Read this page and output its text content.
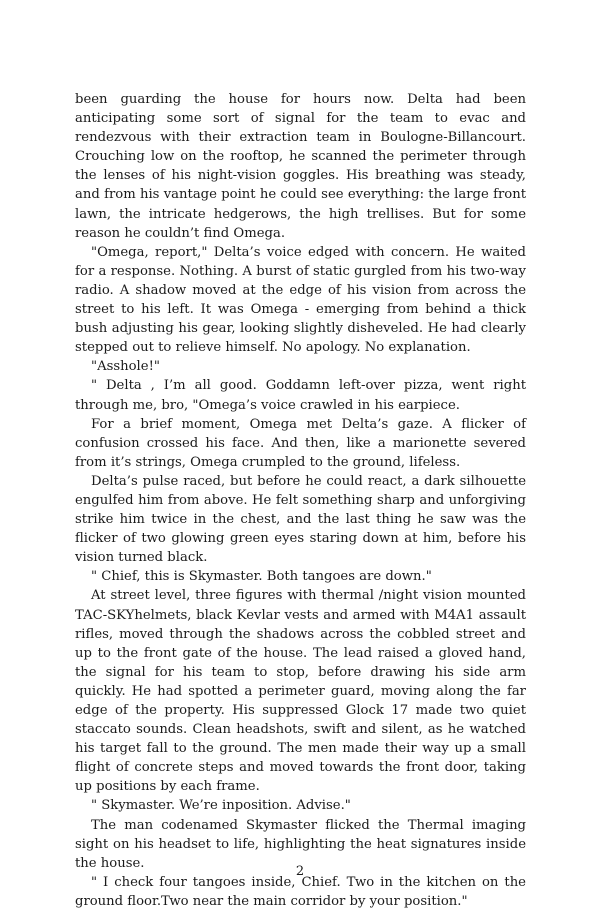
been guarding the house for hours now. Delta had been anticipating some sort of signal for the team to evac and rendezvous with their extraction team in Boulogne-Billancourt. Crouching low on the rooftop, he scanned the perimeter through the lenses of his night-vision goggles. His breathing was steady, and from his vantage point he could see everything: the large front lawn, the intricate hedgerows, the high trellises. But for some reason he couldn’t find Omega.

"Omega, report," Delta’s voice edged with concern. He waited for a response. Nothing. A burst of static gurgled from his two-way radio. A shadow moved at the edge of his vision from across the street to his left. It was Omega - emerging from behind a thick bush adjusting his gear, looking slightly disheveled. He had clearly stepped out to relieve himself. No apology. No explanation.

"Asshole!"

" Delta , I’m all good. Goddamn left-over pizza, went right through me, bro, "Omega’s voice crawled in his earpiece.

For a brief moment, Omega met Delta’s gaze. A flicker of confusion crossed his face. And then, like a marionette severed from it’s strings, Omega crumpled to the ground, lifeless.

Delta’s pulse raced, but before he could react, a dark silhouette engulfed him from above. He felt something sharp and unforgiving strike him twice in the chest, and the last thing he saw was the flicker of two glowing green eyes staring down at him, before his vision turned black.

" Chief, this is Skymaster. Both tangoes are down."

At street level, three figures with thermal /night vision mounted TAC-SKYhelmets, black Kevlar vests and armed with M4A1 assault rifles, moved through the shadows across the cobbled street and up to the front gate of the house. The lead raised a gloved hand, the signal for his team to stop, before drawing his side arm quickly. He had spotted a perimeter guard, moving along the far edge of the property. His suppressed Glock 17 made two quiet staccato sounds. Clean headshots, swift and silent, as he watched his target fall to the ground. The men made their way up a small flight of concrete steps and moved towards the front door, taking up positions by each frame.

" Skymaster. We’re inposition. Advise."

The man codenamed Skymaster flicked the Thermal imaging sight on his headset to life, highlighting the heat signatures inside the house.

" I check four tangoes inside, Chief. Two in the kitchen on the ground floor.Two near the main corridor by your position."

2
